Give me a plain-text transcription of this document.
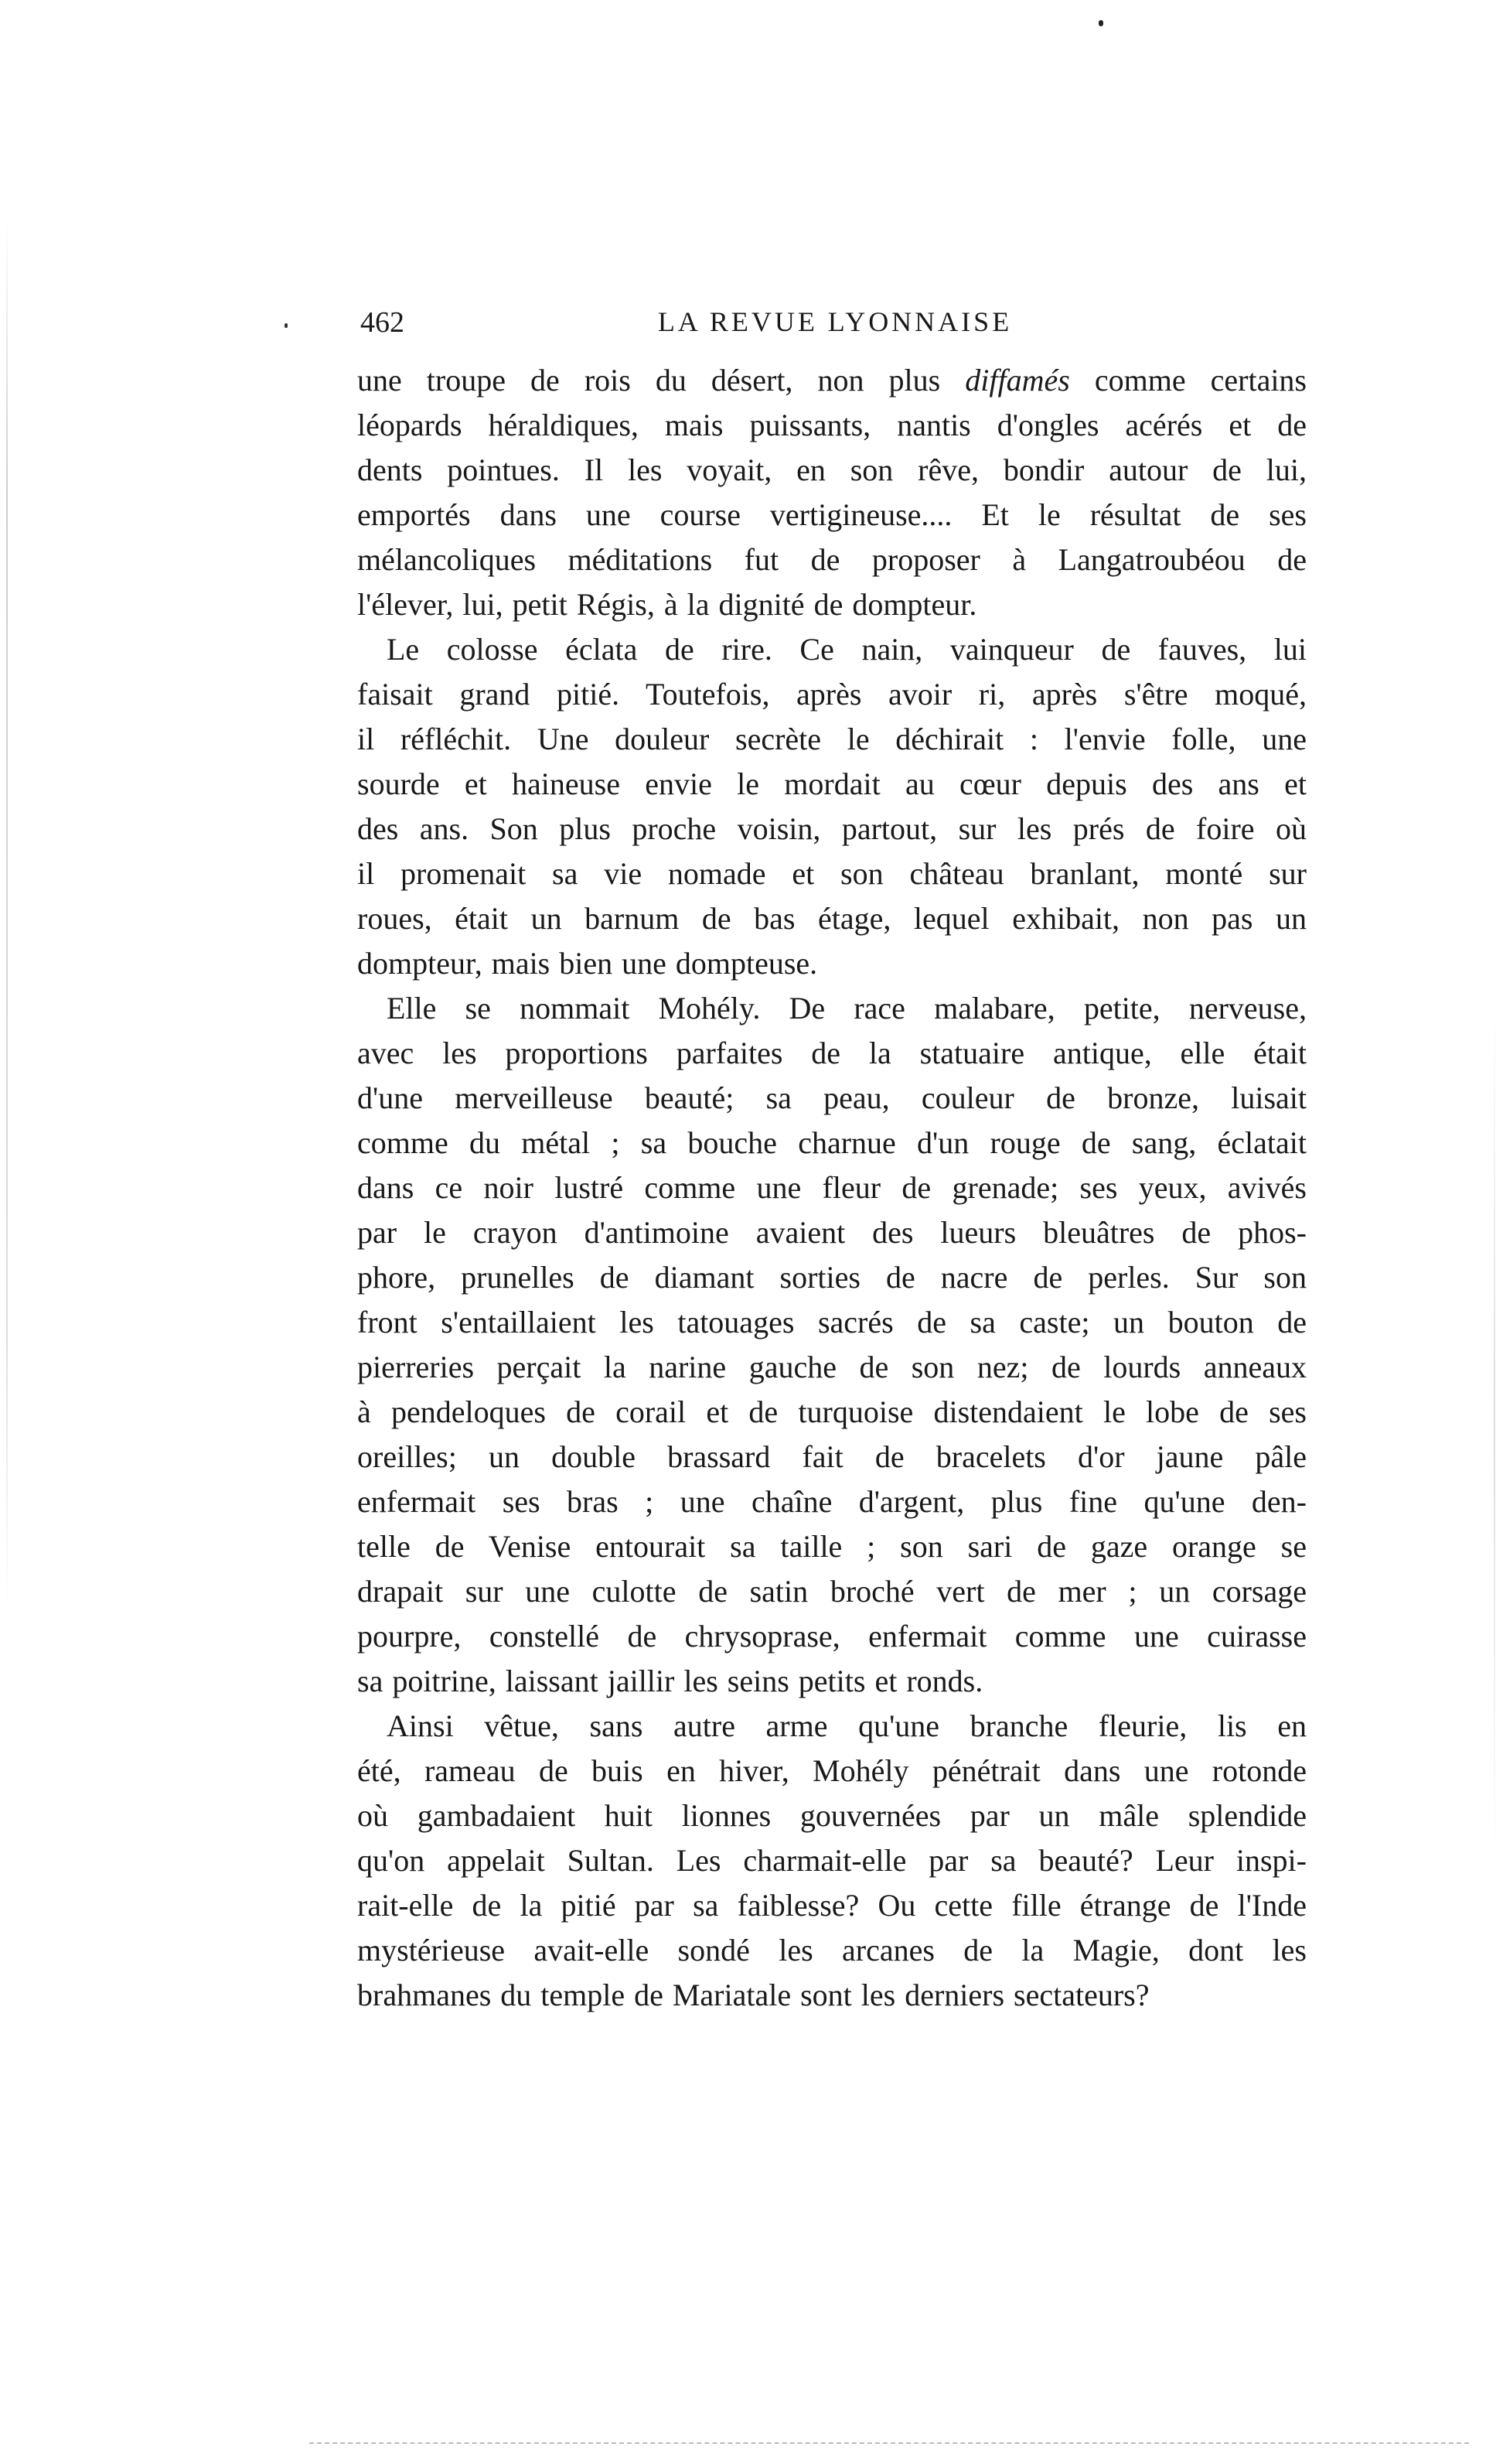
462	LA REVUE LYONNAISE
une troupe de rois du désert, non plus diffamés comme certains
léopards héraldiques, mais puissants, nantis d'ongles acérés et de
dents pointues. Il les voyait, en son rêve, bondir autour de lui,
emportés dans une course vertigineuse.... Et le résultat de ses
mélancoliques méditations fut de proposer à Langatroubéou de
l'élever, lui, petit Régis, à la dignité de dompteur.
Le colosse éclata de rire. Ce nain, vainqueur de fauves, lui
faisait grand pitié. Toutefois, après avoir ri, après s'être moqué,
il réfléchit. Une douleur secrète le déchirait : l'envie folle, une
sourde et haineuse envie le mordait au cœur depuis des ans et
des ans. Son plus proche voisin, partout, sur les prés de foire où
il promenait sa vie nomade et son château branlant, monté sur
roues, était un barnum de bas étage, lequel exhibait, non pas un
dompteur, mais bien une dompteuse.
Elle se nommait Mohély. De race malabare, petite, nerveuse,
avec les proportions parfaites de la statuaire antique, elle était
d'une merveilleuse beauté; sa peau, couleur de bronze, luisait
comme du métal ; sa bouche charnue d'un rouge de sang, éclatait
dans ce noir lustré comme une fleur de grenade; ses yeux, avivés
par le crayon d'antimoine avaient des lueurs bleuâtres de phos-
phore, prunelles de diamant sorties de nacre de perles. Sur son
front s'entaillaient les tatouages sacrés de sa caste; un bouton de
pierreries perçait la narine gauche de son nez; de lourds anneaux
à pendeloques de corail et de turquoise distendaient le lobe de ses
oreilles; un double brassard fait de bracelets d'or jaune pâle
enfermait ses bras ; une chaîne d'argent, plus fine qu'une den-
telle de Venise entourait sa taille ; son sari de gaze orange se
drapait sur une culotte de satin broché vert de mer ; un corsage
pourpre, constellé de chrysoprase, enfermait comme une cuirasse
sa poitrine, laissant jaillir les seins petits et ronds.
Ainsi vêtue, sans autre arme qu'une branche fleurie, lis en
été, rameau de buis en hiver, Mohély pénétrait dans une rotonde
où gambadaient huit lionnes gouvernées par un mâle splendide
qu'on appelait Sultan. Les charmait-elle par sa beauté? Leur inspi-
rait-elle de la pitié par sa faiblesse? Ou cette fille étrange de l'Inde
mystérieuse avait-elle sondé les arcanes de la Magie, dont les
brahmanes du temple de Mariatale sont les derniers sectateurs?
